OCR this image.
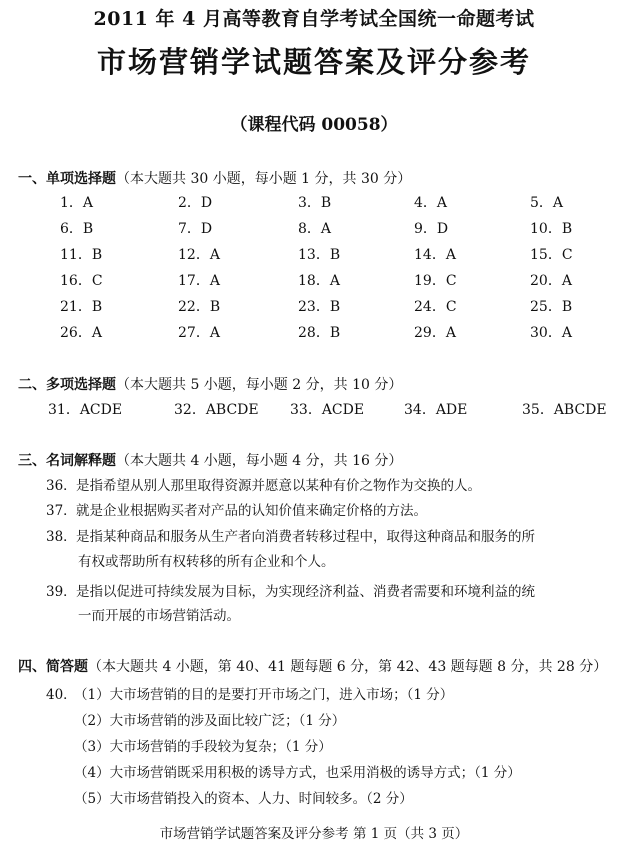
2011 年 4 月高等教育自学考试全国统一命题考试
市场营销学试题答案及评分参考
（课程代码 00058）
一、单项选择题（本大题共 30 小题，每小题 1 分，共 30 分）
1．A	2．D	3．B	4．A	5．A
6．B	7．D	8．A	9．D	10．B
11．B	12．A	13．B	14．A	15．C
16．C	17．A	18．A	19．C	20．A
21．B	22．B	23．B	24．C	25．B
26．A	27．A	28．B	29．A	30．A
二、多项选择题（本大题共 5 小题，每小题 2 分，共 10 分）
31．ACDE	32．ABCDE 33．ACDE	34．ADE	35．ABCDE
三、名词解释题（本大题共 4 小题，每小题 4 分，共 16 分）
36．是指希望从别人那里取得资源并愿意以某种有价之物作为交换的人。
37．就是企业根据购买者对产品的认知价值来确定价格的方法。
38．是指某种商品和服务从生产者向消费者转移过程中，取得这种商品和服务的所
有权或帮助所有权转移的所有企业和个人。
39．是指以促进可持续发展为目标，为实现经济利益、消费者需要和环境利益的统
一而开展的市场营销活动。
四、简答题（本大题共 4 小题，第 40、41 题每题 6 分，第 42、43 题每题 8 分，共 28 分）
40．
（1）大市场营销的目的是要打开市场之门，进入市场；（1 分）
（2）大市场营销的涉及面比较广泛；（1 分）
（3）大市场营销的手段较为复杂；（1 分）
（4）大市场营销既采用积极的诱导方式，也采用消极的诱导方式；（1 分）
（5）大市场营销投入的资本、人力、时间较多。（2 分）
市场营销学试题答案及评分参考 第 1 页（共 3 页）
